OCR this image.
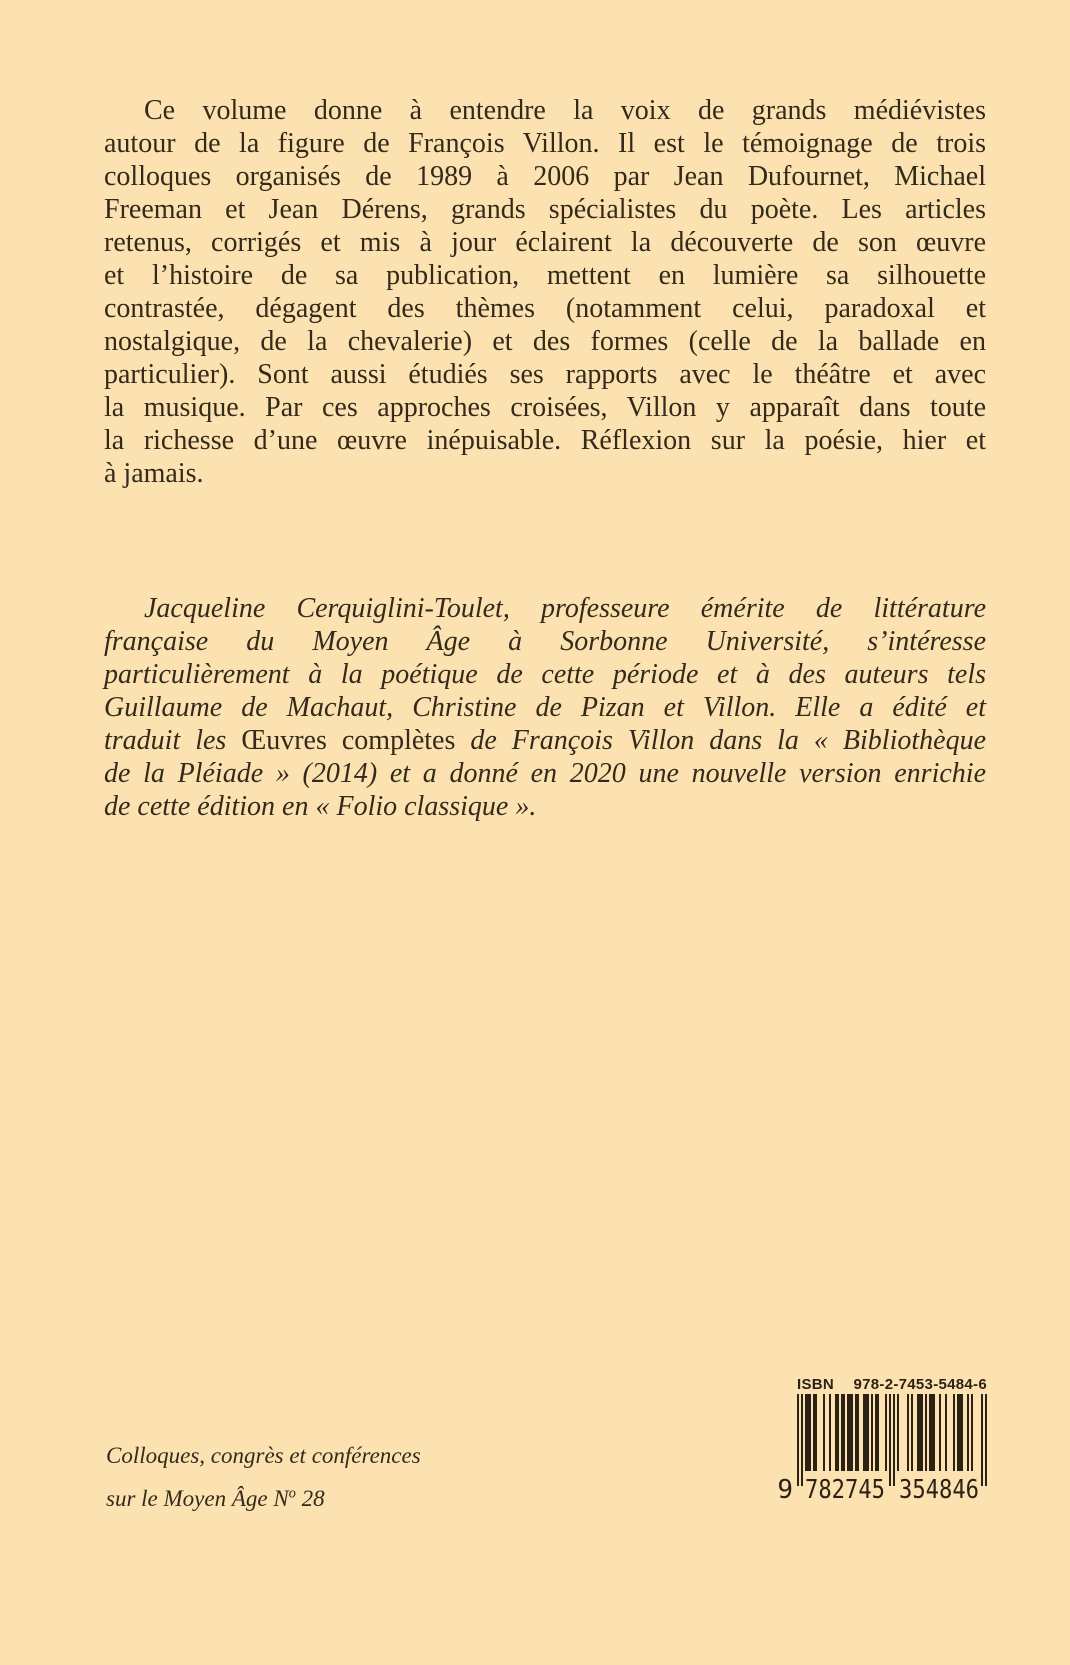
Ce volume donne à entendre la voix de grands médiévistes
autour de la figure de François Villon. Il est le témoignage de trois
colloques organisés de 1989 à 2006 par Jean Dufournet, Michael
Freeman et Jean Dérens, grands spécialistes du poète. Les articles
retenus, corrigés et mis à jour éclairent la découverte de son œuvre
et l’histoire de sa publication, mettent en lumière sa silhouette
contrastée, dégagent des thèmes (notamment celui, paradoxal et
nostalgique, de la chevalerie) et des formes (celle de la ballade en
particulier). Sont aussi étudiés ses rapports avec le théâtre et avec
la musique. Par ces approches croisées, Villon y apparaît dans toute
la richesse d’une œuvre inépuisable. Réflexion sur la poésie, hier et
à jamais.
Jacqueline Cerquiglini-Toulet, professeure émérite de littérature
française du Moyen Âge à Sorbonne Université, s’intéresse
particulièrement à la poétique de cette période et à des auteurs tels
Guillaume de Machaut, Christine de Pizan et Villon. Elle a édité et
traduit les Œuvres complètes de François Villon dans la « Bibliothèque
de la Pléiade » (2014) et a donné en 2020 une nouvelle version enrichie
de cette édition en « Folio classique ».
Colloques, congrès et conférences
sur le Moyen Âge $N^o$ 28
ISBN 978-2-7453-5484-6
9 782745 354846
